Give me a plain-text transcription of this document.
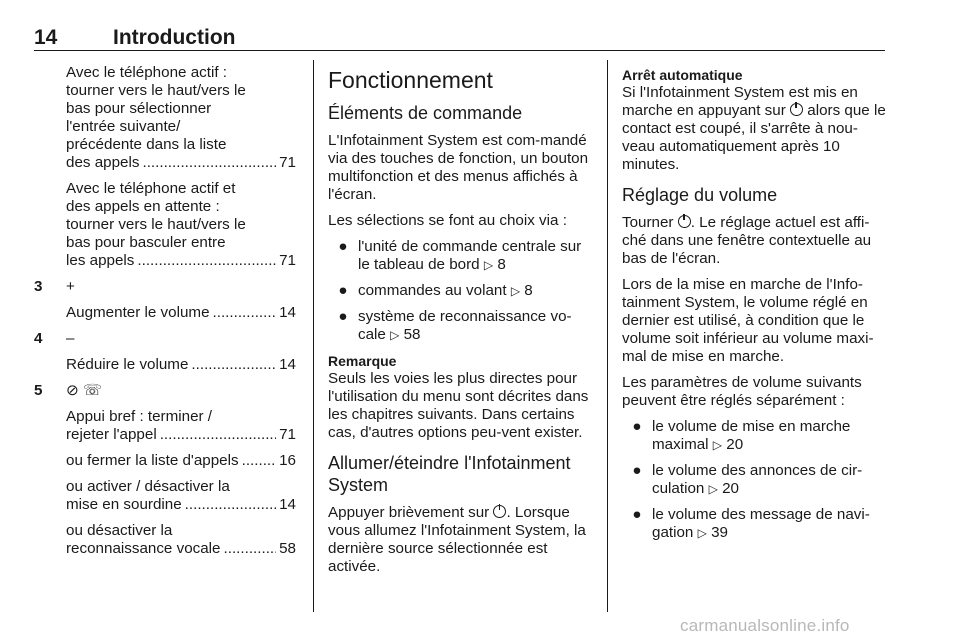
14	Introduction
Avec le téléphone actif :
tourner vers le haut/vers le
bas pour sélectionner
l'entrée suivante/
précédente dans la liste
des appels .....	71
Avec le téléphone actif et
des appels en attente :
tourner vers le haut/vers le
bas pour basculer entre
les appels .....	71
3	+
Augmenter le volume .....	14
4	–
Réduire le volume .....	14
5	⊘ ☏
Appui bref : terminer /
rejeter l'appel .....	71
ou fermer la liste d'appels .....	16
ou activer / désactiver la
mise en sourdine .....	14
ou désactiver la
reconnaissance vocale .....	58
Fonctionnement
Éléments de commande

L'Infotainment System est com-mandé via des touches de fonction, un bouton multifonction et des menus affichés à l'écran.

Les sélections se font au choix via :

● l'unité de commande centrale sur le tableau de bord ▷ 8
● commandes au volant ▷ 8
● système de reconnaissance vo-cale ▷ 58
Remarque

Seuls les voies les plus directes pour l'utilisation du menu sont décrites dans les chapitres suivants. Dans certains cas, d'autres options peu-vent exister.

Allumer/éteindre l'Infotainment System

Appuyer brièvement sur . Lorsque vous allumez l'Infotainment System, la dernière source sélectionnée est activée.

Arrêt automatique

Si l'Infotainment System est mis en marche en appuyant sur alors que le contact est coupé, il s'arrête à nou-veau automatiquement après 10 minutes.

Réglage du volume

Tourner . Le réglage actuel est affi-ché dans une fenêtre contextuelle au bas de l'écran.

Lors de la mise en marche de l'Info-tainment System, le volume réglé en dernier est utilisé, à condition que le volume soit inférieur au volume maxi-mal de mise en marche.

Les paramètres de volume suivants peuvent être réglés séparément :

● le volume de mise en marche maximal ▷ 20
● le volume des annonces de cir-culation ▷ 20
● le volume des message de navi-gation ▷ 39
carmanualsonline.info
